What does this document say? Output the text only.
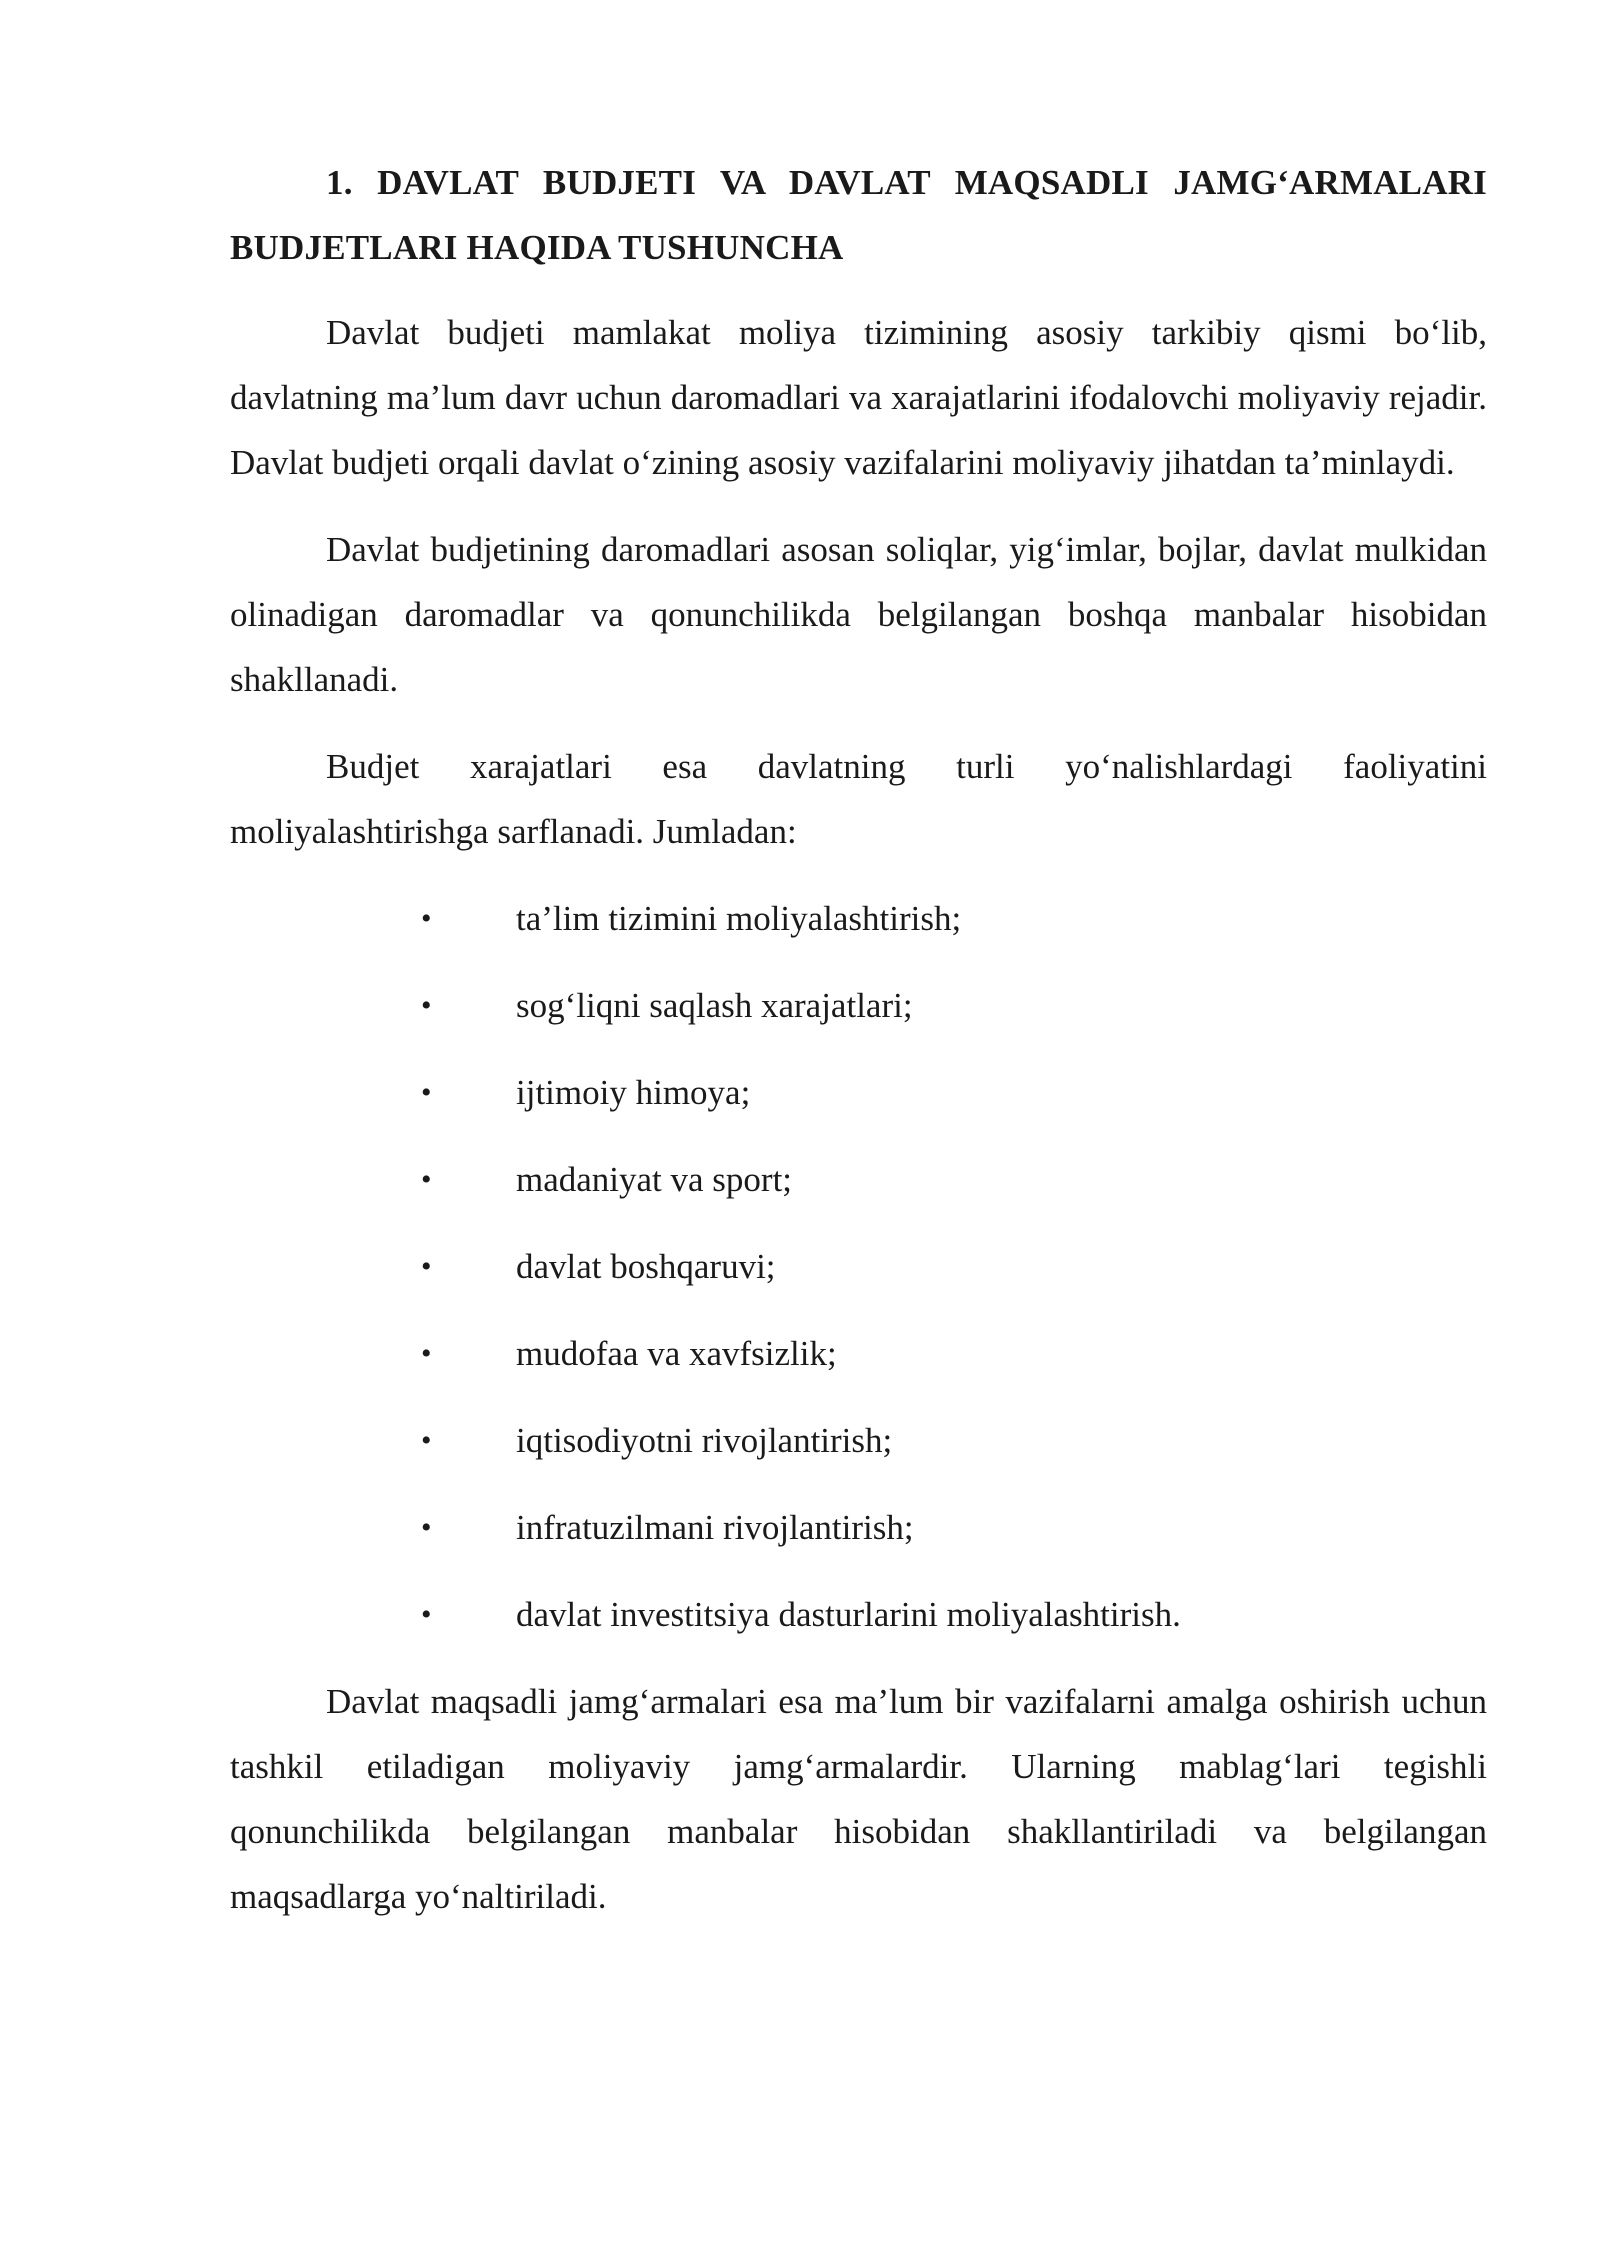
1. DAVLAT BUDJETI VA DAVLAT MAQSADLI JAMG‘ARMALARI BUDJETLARI HAQIDA TUSHUNCHA

Davlat budjeti mamlakat moliya tizimining asosiy tarkibiy qismi bo‘lib, davlatning ma’lum davr uchun daromadlari va xarajatlarini ifodalovchi moliyaviy rejadir. Davlat budjeti orqali davlat o‘zining asosiy vazifalarini moliyaviy jihatdan ta’minlaydi.

Davlat budjetining daromadlari asosan soliqlar, yig‘imlar, bojlar, davlat mulkidan olinadigan daromadlar va qonunchilikda belgilangan boshqa manbalar hisobidan shakllanadi.

Budjet xarajatlari esa davlatning turli yo‘nalishlardagi faoliyatini moliyalashtirishga sarflanadi. Jumladan:

• ta’lim tizimini moliyalashtirish;
• sog‘liqni saqlash xarajatlari;
• ijtimoiy himoya;
• madaniyat va sport;
• davlat boshqaruvi;
• mudofaa va xavfsizlik;
• iqtisodiyotni rivojlantirish;
• infratuzilmani rivojlantirish;
• davlat investitsiya dasturlarini moliyalashtirish.

Davlat maqsadli jamg‘armalari esa ma’lum bir vazifalarni amalga oshirish uchun tashkil etiladigan moliyaviy jamg‘armalardir. Ularning mablag‘lari tegishli qonunchilikda belgilangan manbalar hisobidan shakllantiriladi va belgilangan maqsadlarga yo‘naltiriladi.
